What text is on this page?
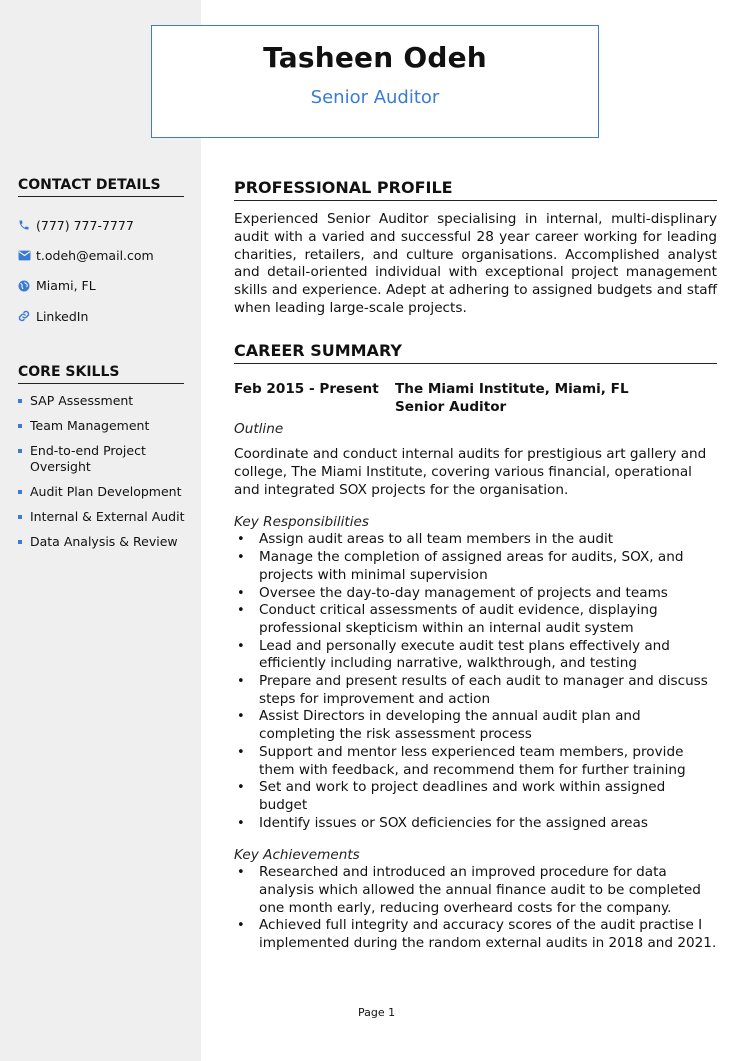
Tasheen Odeh
Senior Auditor
CONTACT DETAILS
(777) 777-7777
t.odeh@email.com
Miami, FL
LinkedIn
CORE SKILLS
SAP Assessment
Team Management
End-to-end Project Oversight
Audit Plan Development
Internal & External Audit
Data Analysis & Review
PROFESSIONAL PROFILE

Experienced Senior Auditor specialising in internal, multi-displinary audit with a varied and successful 28 year career working for leading charities, retailers, and culture organisations. Accomplished analyst and detail-oriented individual with exceptional project management skills and experience. Adept at adhering to assigned budgets and staff when leading large-scale projects.

CAREER SUMMARY
Feb 2015 - Present	The Miami Institute, Miami, FL
Senior Auditor
Outline

Coordinate and conduct internal audits for prestigious art gallery and college, The Miami Institute, covering various financial, operational and integrated SOX projects for the organisation.

Key Responsibilities
• Assign audit areas to all team members in the audit
• Manage the completion of assigned areas for audits, SOX, and projects with minimal supervision
• Oversee the day-to-day management of projects and teams
• Conduct critical assessments of audit evidence, displaying professional skepticism within an internal audit system
• Lead and personally execute audit test plans effectively and efficiently including narrative, walkthrough, and testing
• Prepare and present results of each audit to manager and discuss steps for improvement and action
• Assist Directors in developing the annual audit plan and completing the risk assessment process
• Support and mentor less experienced team members, provide them with feedback, and recommend them for further training
• Set and work to project deadlines and work within assigned budget
• Identify issues or SOX deficiencies for the assigned areas
Key Achievements
• Researched and introduced an improved procedure for data analysis which allowed the annual finance audit to be completed one month early, reducing overheard costs for the company.
• Achieved full integrity and accuracy scores of the audit practise I implemented during the random external audits in 2018 and 2021.
Page 1
